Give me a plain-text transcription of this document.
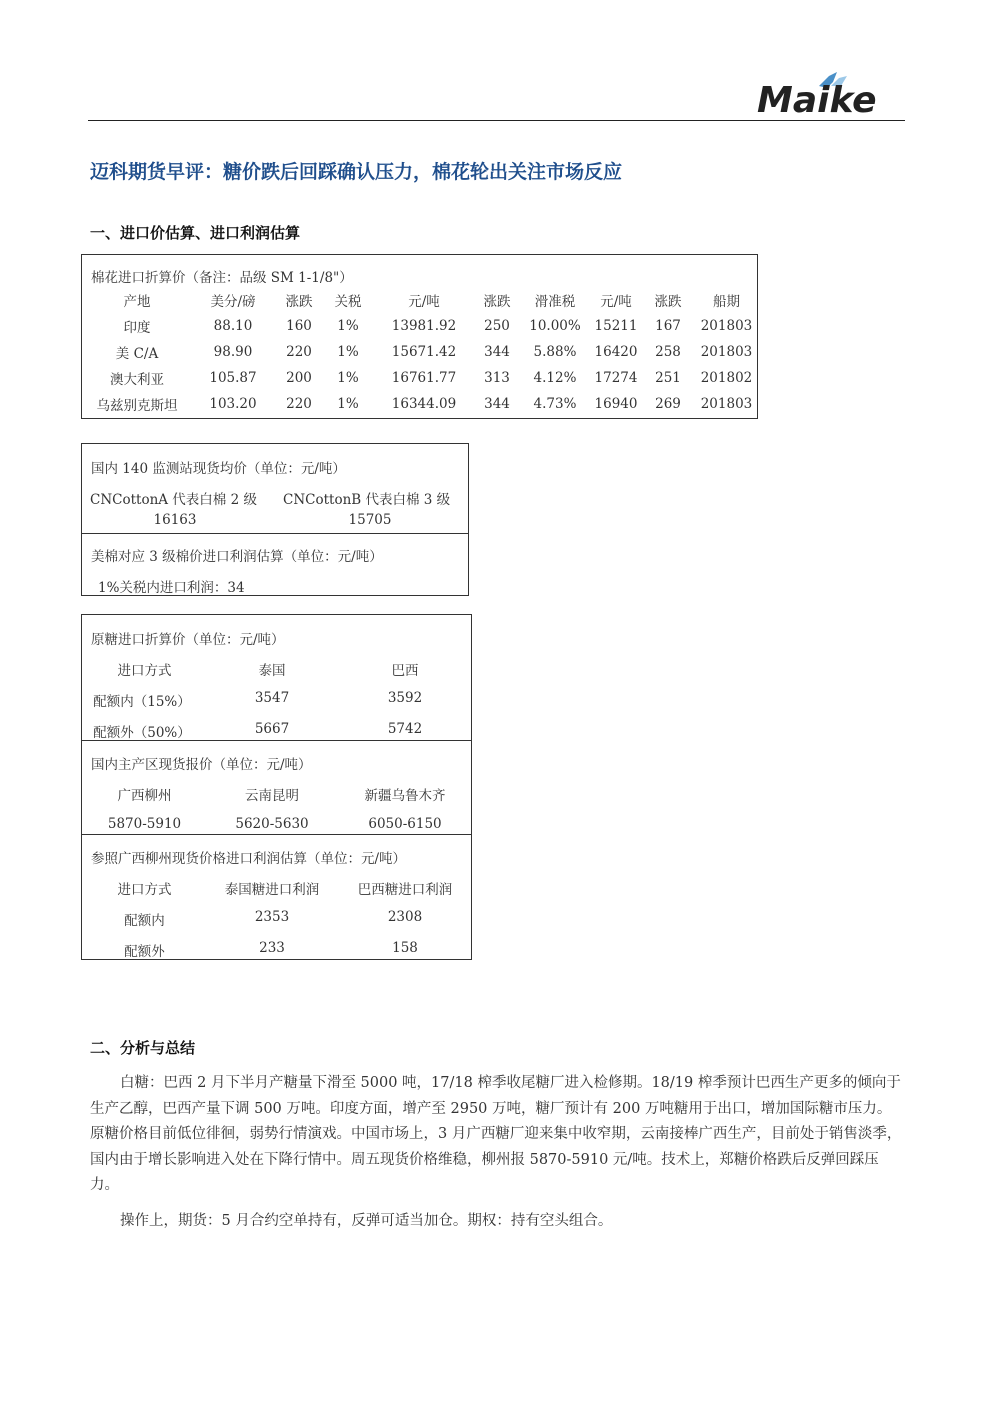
Maike
迈科期货早评：糖价跌后回踩确认压力，棉花轮出关注市场反应
一、进口价估算、进口利润估算
棉花进口折算价（备注：品级 SM 1-1/8"）
产地	美分/磅	涨跌	关税	元/吨	涨跌	滑准税	元/吨	涨跌	船期
印度	88.10	160	1%	13981.92	250	10.00%	15211	167	201803
美 C/A	98.90	220	1%	15671.42	344	5.88%	16420	258	201803
澳大利亚	105.87	200	1%	16761.77	313	4.12%	17274	251	201802
乌兹别克斯坦	103.20	220	1%	16344.09	344	4.73%	16940	269	201803
国内 140 监测站现货均价（单位：元/吨）
CNCottonA 代表白棉 2 级 CNCottonB 代表白棉 3 级
16163	15705
美棉对应 3 级棉价进口利润估算（单位：元/吨）
1%关税内进口利润：34
原糖进口折算价（单位：元/吨）
进口方式	泰国	巴西
配额内（15%）	3547	3592
配额外（50%）	5667	5742
国内主产区现货报价（单位：元/吨）
广西柳州	云南昆明	新疆乌鲁木齐
5870-5910	5620-5630	6050-6150
参照广西柳州现货价格进口利润估算（单位：元/吨）
进口方式	泰国糖进口利润	巴西糖进口利润
配额内	2353	2308
配额外	233	158
二、分析与总结
白糖：巴西 2 月下半月产糖量下滑至 5000 吨，17/18 榨季收尾糖厂进入检修期。18/19 榨季预计巴西生产更多的倾向于生产乙醇，巴西产量下调 500 万吨。印度方面，增产至 2950 万吨，糖厂预计有 200 万吨糖用于出口，增加国际糖市压力。原糖价格目前低位徘徊，弱势行情演戏。中国市场上，3 月广西糖厂迎来集中收窄期，云南接棒广西生产，目前处于销售淡季，国内由于增长影响进入处在下降行情中。周五现货价格维稳，柳州报 5870-5910 元/吨。技术上，郑糖价格跌后反弹回踩压力。
操作上，期货：5 月合约空单持有，反弹可适当加仓。期权：持有空头组合。
